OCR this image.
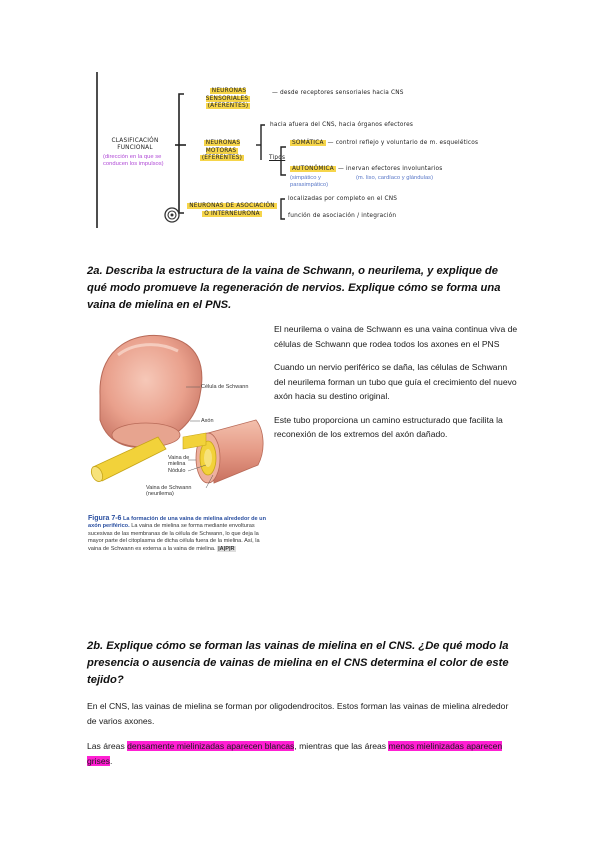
CLASIFICACIÓN FUNCIONAL
(dirección en la que se conducen los impulsos)
NEURONAS SENSORIALES
(AFERENTES)
— desde receptores sensoriales hacia CNS
NEURONAS MOTORAS
(EFERENTES)
hacia afuera del CNS, hacia órganos efectores
Tipos
SOMÁTICA — control reflejo y voluntario de m. esqueléticos
AUTONÓMICA — inervan efectores involuntarios
(simpático y parasimpático)
(m. liso, cardíaco y glándulas)
NEURONAS DE ASOCIACIÓN
O INTERNEURONA
localizadas por completo en el CNS
función de asociación / integración
2a. Describa la estructura de la vaina de Schwann, o neurilema, y explique de qué modo promueve la regeneración de nervios. Explique cómo se forma una vaina de mielina en el PNS.
Célula de Schwann
Axón
Vaina de mielina
Nódulo
Vaina de Schwann (neurilema)
Figura 7-6 La formación de una vaina de mielina alrededor de un axón periférico. La vaina de mielina se forma mediante envolturas sucesivas de las membranas de la célula de Schwann, lo que deja la mayor parte del citoplasma de dicha célula fuera de la mielina. Así, la vaina de Schwann es externa a la vaina de mielina. |A|P|R

El neurilema o vaina de Schwann es una vaina continua viva de células de Schwann que rodea todos los axones en el PNS

Cuando un nervio periférico se daña, las células de Schwann del neurilema forman un tubo que guía el crecimiento del nuevo axón hacia su destino original.

Este tubo proporciona un camino estructurado que facilita la reconexión de los extremos del axón dañado.

2b. Explique cómo se forman las vainas de mielina en el CNS. ¿De qué modo la presencia o ausencia de vainas de mielina en el CNS determina el color de este tejido?

En el CNS, las vainas de mielina se forman por oligodendrocitos. Estos forman las vainas de mielina alrededor de varios axones.

Las áreas densamente mielinizadas aparecen blancas, mientras que las áreas menos mielinizadas aparecen grises.
